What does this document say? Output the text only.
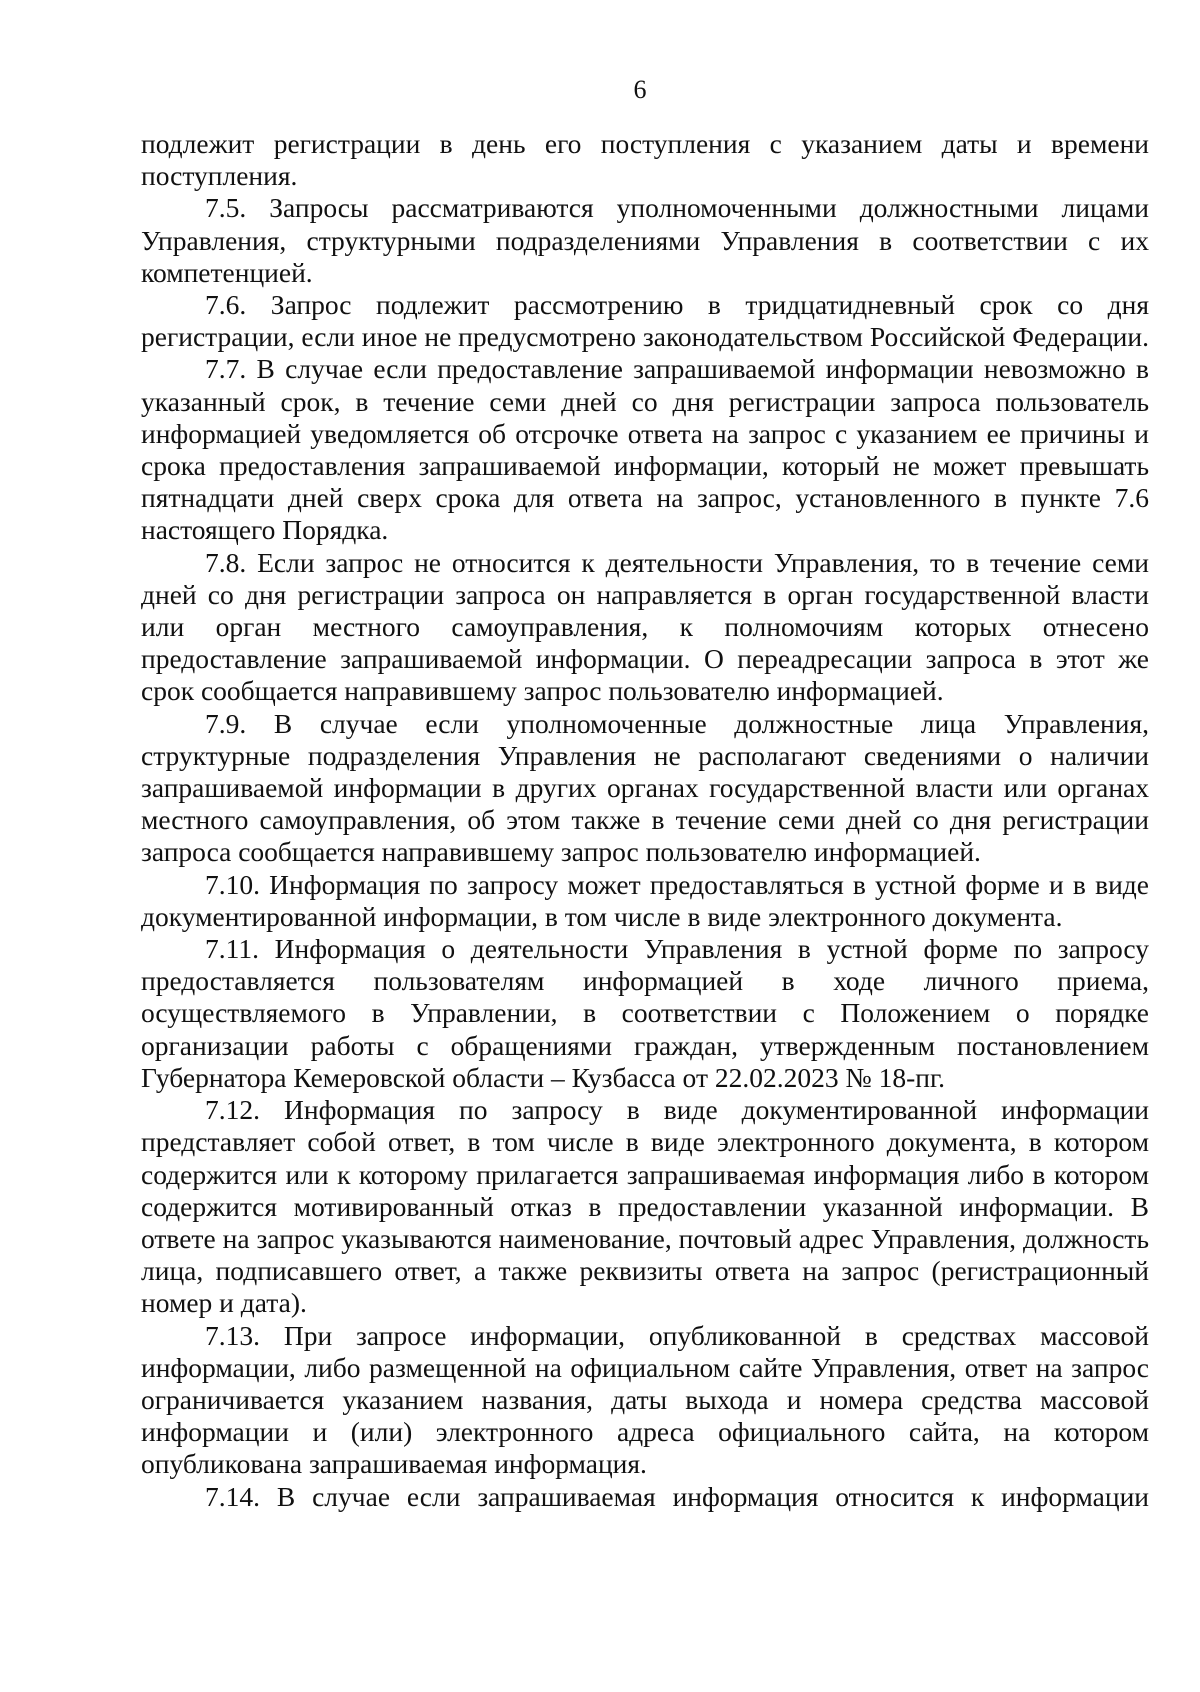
6

подлежит регистрации в день его поступления с указанием даты и времени поступления.

7.5. Запросы рассматриваются уполномоченными должностными лицами Управления, структурными подразделениями Управления в соответствии с их компетенцией.

7.6. Запрос подлежит рассмотрению в тридцатидневный срок со дня регистрации, если иное не предусмотрено законодательством Российской Федерации.

7.7. В случае если предоставление запрашиваемой информации невозможно в указанный срок, в течение семи дней со дня регистрации запроса пользователь информацией уведомляется об отсрочке ответа на запрос с указанием ее причины и срока предоставления запрашиваемой информации, который не может превышать пятнадцати дней сверх срока для ответа на запрос, установленного в пункте 7.6 настоящего Порядка.

7.8. Если запрос не относится к деятельности Управления, то в течение семи дней со дня регистрации запроса он направляется в орган государственной власти или орган местного самоуправления, к полномочиям которых отнесено предоставление запрашиваемой информации. О переадресации запроса в этот же срок сообщается направившему запрос пользователю информацией.

7.9. В случае если уполномоченные должностные лица Управления, структурные подразделения Управления не располагают сведениями о наличии запрашиваемой информации в других органах государственной власти или органах местного самоуправления, об этом также в течение семи дней со дня регистрации запроса сообщается направившему запрос пользователю информацией.

7.10. Информация по запросу может предоставляться в устной форме и в виде документированной информации, в том числе в виде электронного документа.

7.11. Информация о деятельности Управления в устной форме по запросу предоставляется пользователям информацией в ходе личного приема, осуществляемого в Управлении, в соответствии с Положением о порядке организации работы с обращениями граждан, утвержденным постановлением Губернатора Кемеровской области – Кузбасса от 22.02.2023 № 18-пг.

7.12. Информация по запросу в виде документированной информации представляет собой ответ, в том числе в виде электронного документа, в котором содержится или к которому прилагается запрашиваемая информация либо в котором содержится мотивированный отказ в предоставлении указанной информации. В ответе на запрос указываются наименование, почтовый адрес Управления, должность лица, подписавшего ответ, а также реквизиты ответа на запрос (регистрационный номер и дата).

7.13. При запросе информации, опубликованной в средствах массовой информации, либо размещенной на официальном сайте Управления, ответ на запрос ограничивается указанием названия, даты выхода и номера средства массовой информации и (или) электронного адреса официального сайта, на котором опубликована запрашиваемая информация.

7.14. В случае если запрашиваемая информация относится к информации
